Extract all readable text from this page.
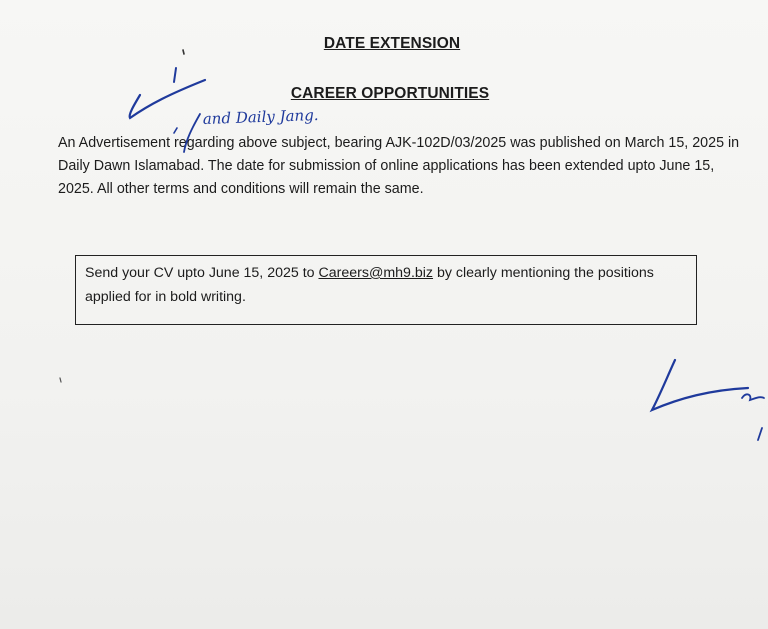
DATE EXTENSION
CAREER OPPORTUNITIES

An Advertisement regarding above subject, bearing AJK-102D/03/2025 was published on March 15, 2025 in Daily Dawn Islamabad. The date for submission of online applications has been extended upto June 15, 2025. All other terms and conditions will remain the same.

Send your CV upto June 15, 2025 to Careers@mh9.biz by clearly mentioning the positions applied for in bold writing.
and Daily Jang.
